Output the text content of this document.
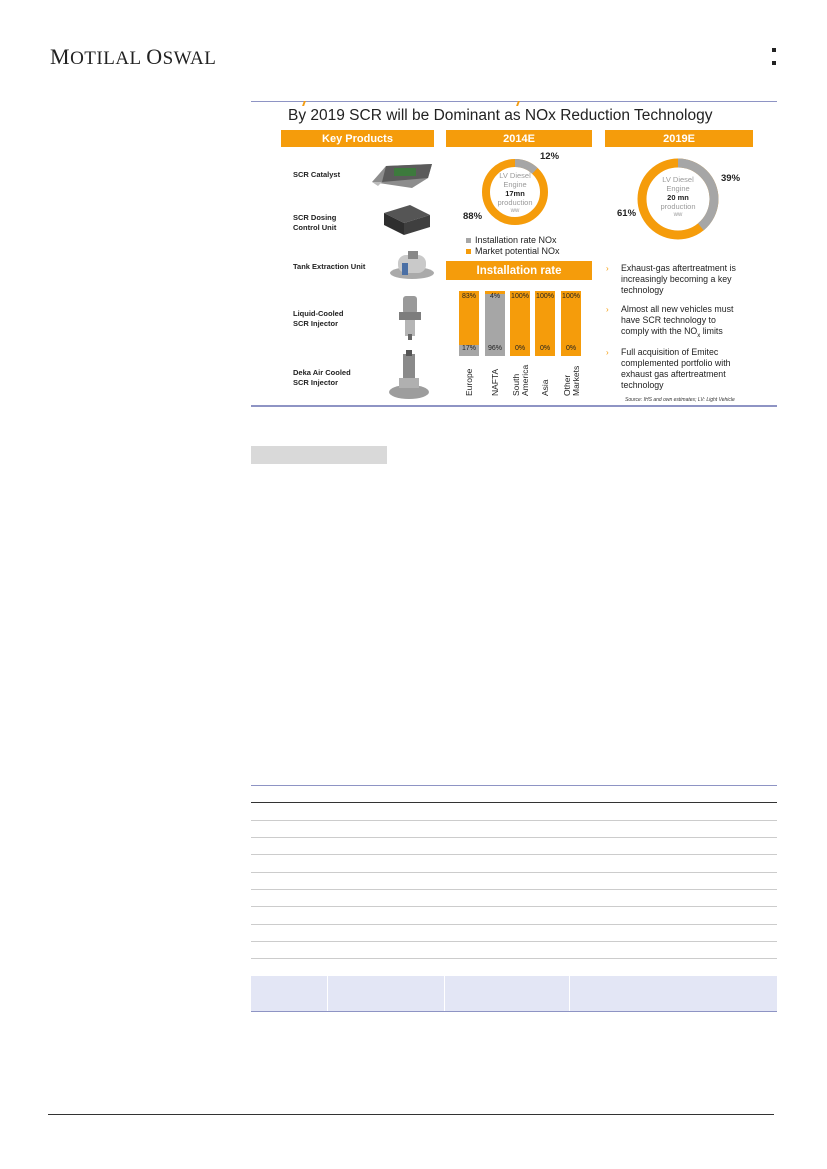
MOTILAL OSWAL
By 2019 SCR will be Dominant as NOx Reduction Technology
Key Products	2014E	2019E
SCR Catalyst

SCR Dosing
Control Unit
Tank Extraction Unit

Liquid-Cooled
SCR Injector
Deka Air Cooled
SCR Injector
LV Diesel
Engine
17mn
production
ww
12%
88%
LV Diesel
Engine
20 mn
production
ww
39%
61%
Installation rate NOx
Market potential NOx
Installation rate
83%
17%
Europe
4%
96%
NAFTA
100%
0%
South America
100%
0%
Asia
100%
0%
Other Markets
›	Exhaust-gas aftertreatment is
increasingly becoming a key
technology
›	Almost all new vehicles must
have SCR technology to
comply with the $NO_x$ limits
›	Full acquisition of Emitec
complemented portfolio with
exhaust gas aftertreatment
technology
Source: IHS and own estimates; LV: Light Vehicle
